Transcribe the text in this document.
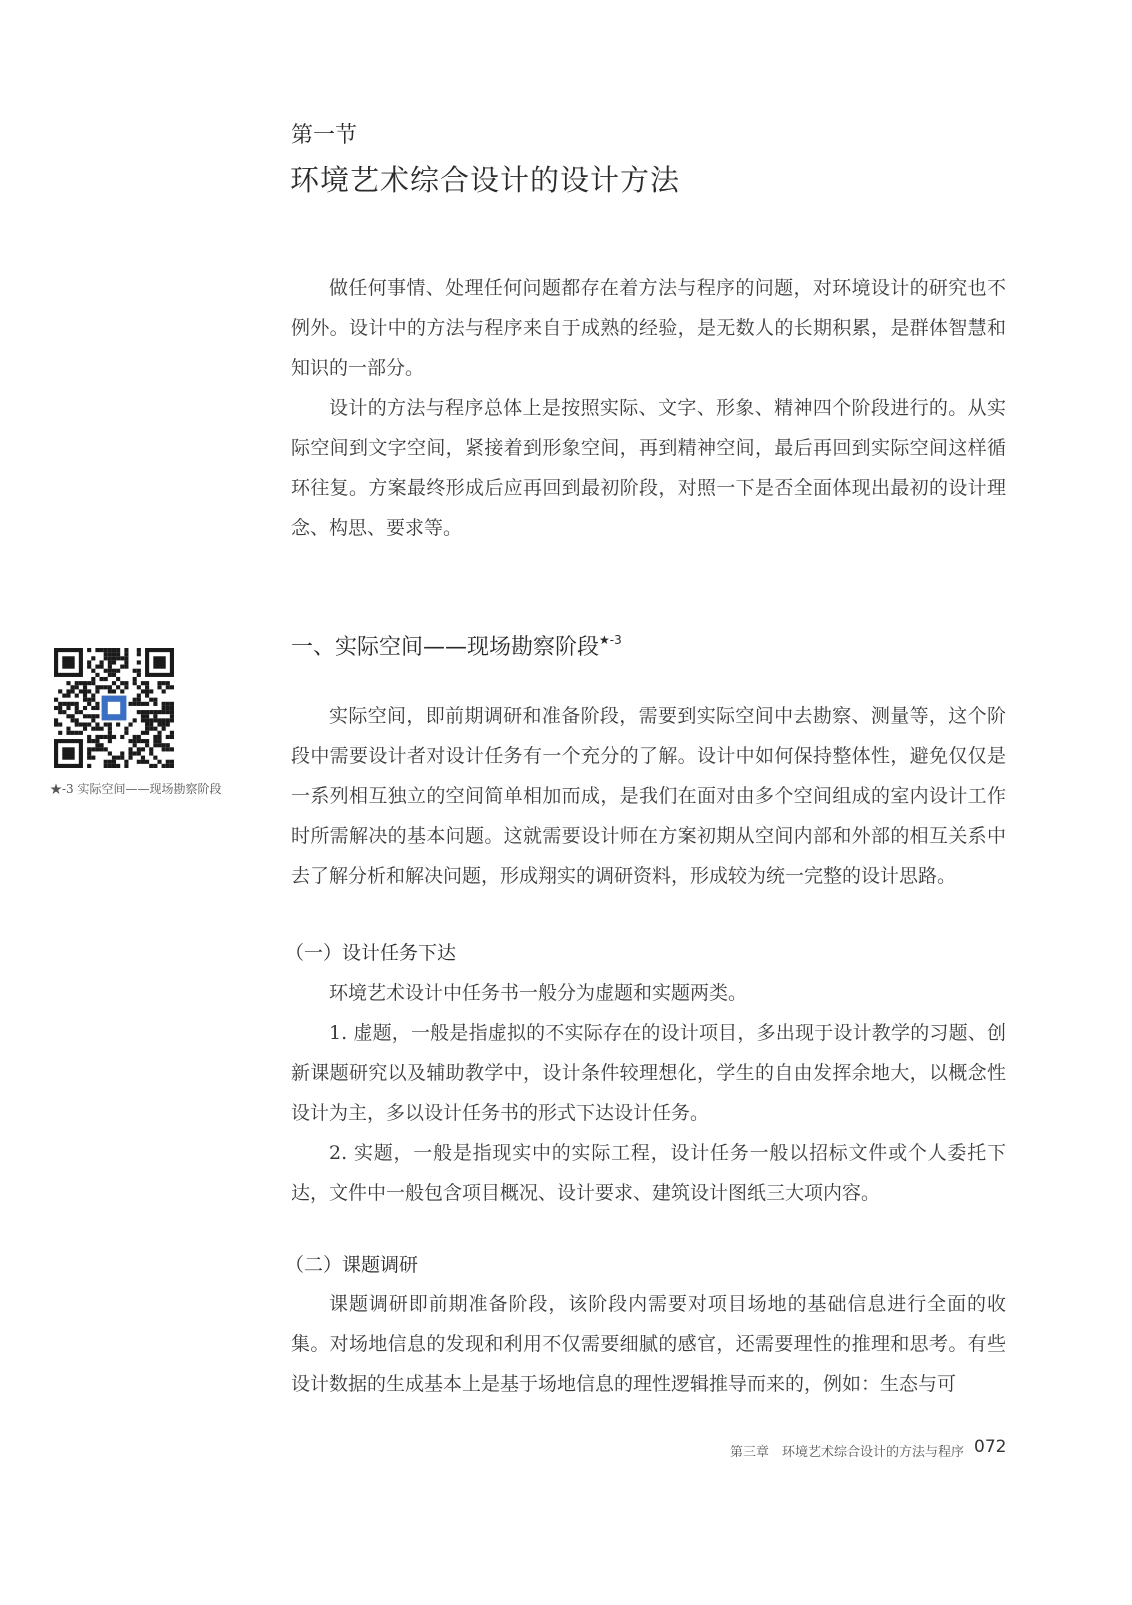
第一节
环境艺术综合设计的设计方法

做任何事情、处理任何问题都存在着方法与程序的问题，对环境设计的研究也不例外。设计中的方法与程序来自于成熟的经验，是无数人的长期积累，是群体智慧和知识的一部分。

设计的方法与程序总体上是按照实际、文字、形象、精神四个阶段进行的。从实际空间到文字空间，紧接着到形象空间，再到精神空间，最后再回到实际空间这样循环往复。方案最终形成后应再回到最初阶段，对照一下是否全面体现出最初的设计理念、构思、要求等。

一、实际空间——现场勘察阶段$^{★-3}$
★-3 实际空间——现场勘察阶段

实际空间，即前期调研和准备阶段，需要到实际空间中去勘察、测量等，这个阶段中需要设计者对设计任务有一个充分的了解。设计中如何保持整体性，避免仅仅是一系列相互独立的空间简单相加而成，是我们在面对由多个空间组成的室内设计工作时所需解决的基本问题。这就需要设计师在方案初期从空间内部和外部的相互关系中去了解分析和解决问题，形成翔实的调研资料，形成较为统一完整的设计思路。

（一）设计任务下达

环境艺术设计中任务书一般分为虚题和实题两类。

1. 虚题，一般是指虚拟的不实际存在的设计项目，多出现于设计教学的习题、创新课题研究以及辅助教学中，设计条件较理想化，学生的自由发挥余地大，以概念性设计为主，多以设计任务书的形式下达设计任务。

2. 实题，一般是指现实中的实际工程，设计任务一般以招标文件或个人委托下达，文件中一般包含项目概况、设计要求、建筑设计图纸三大项内容。

（二）课题调研

课题调研即前期准备阶段，该阶段内需要对项目场地的基础信息进行全面的收集。对场地信息的发现和利用不仅需要细腻的感官，还需要理性的推理和思考。有些设计数据的生成基本上是基于场地信息的理性逻辑推导而来的，例如：生态与可

第三章　环境艺术综合设计的方法与程序 072
